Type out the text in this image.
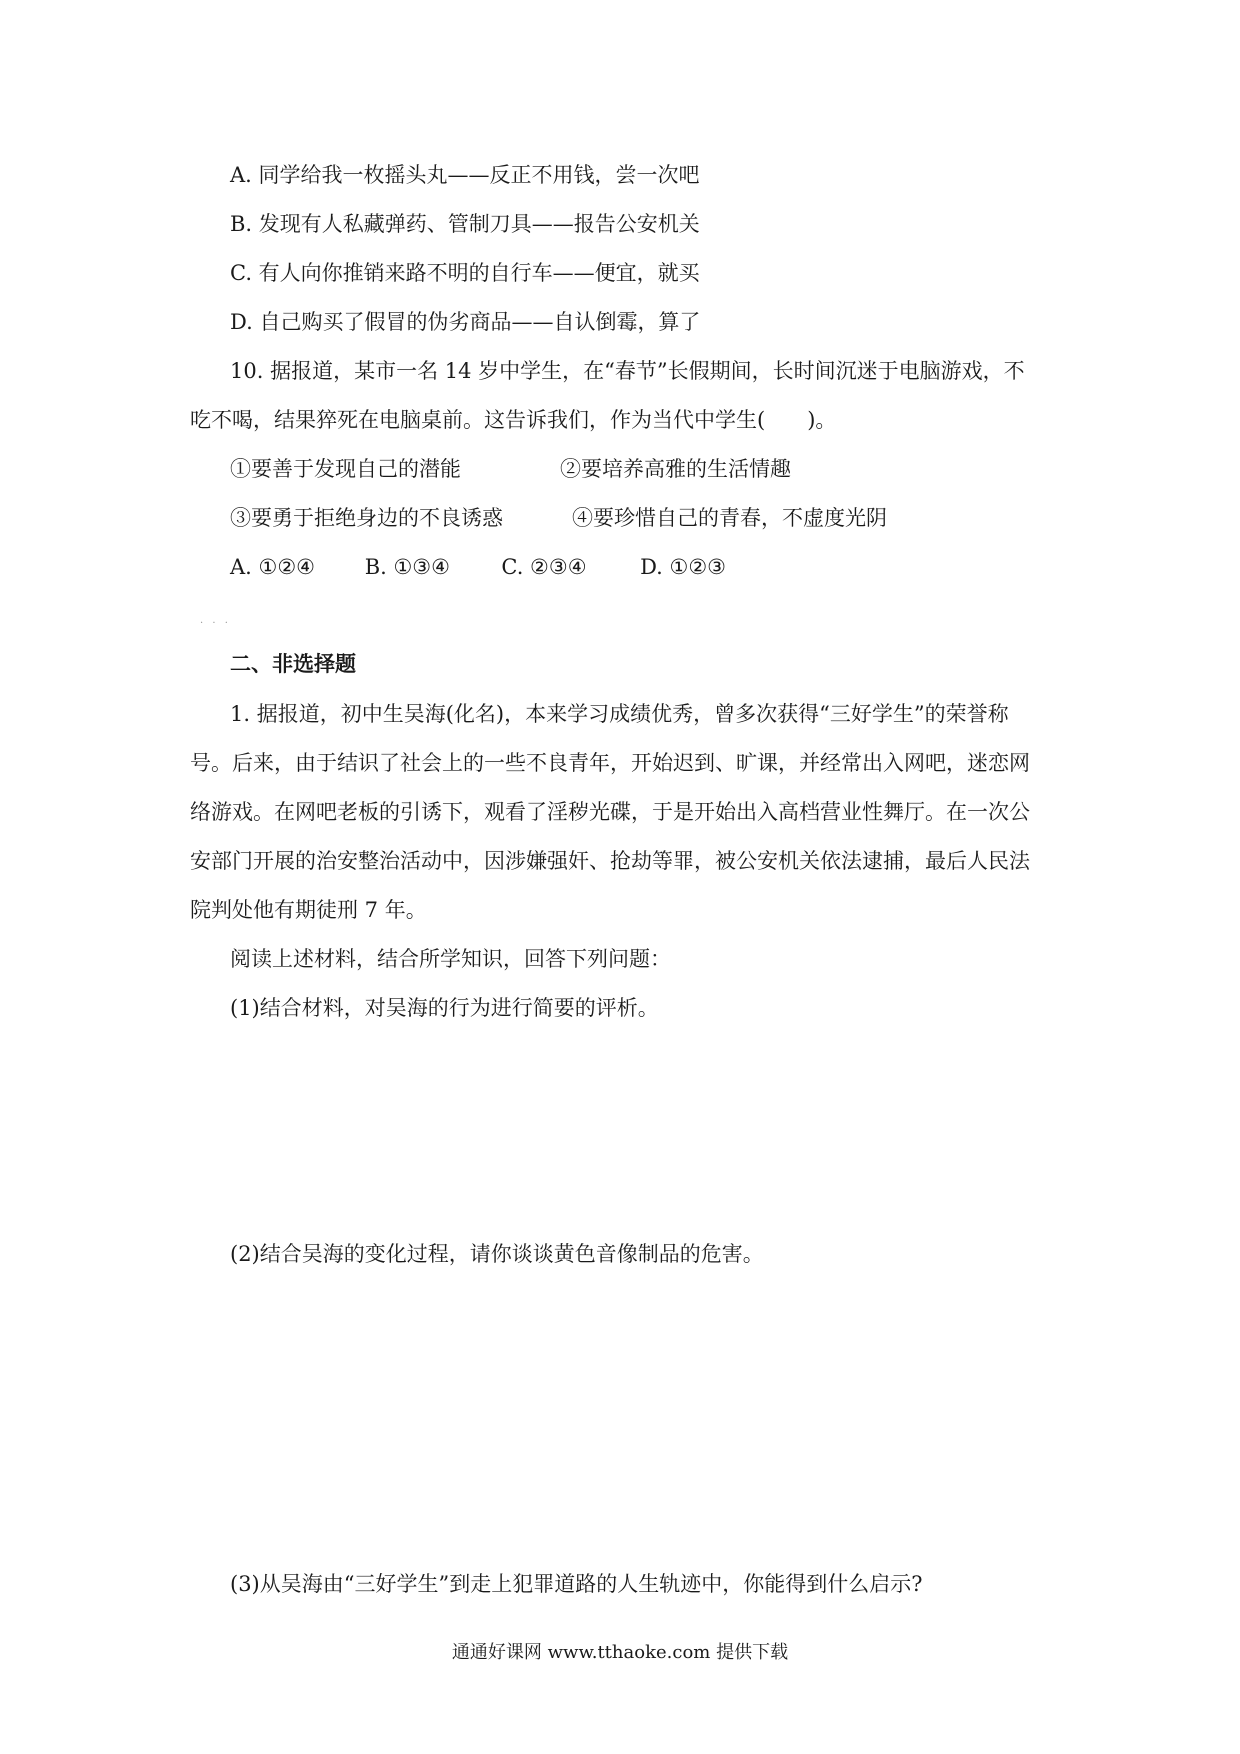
A. 同学给我一枚摇头丸——反正不用钱，尝一次吧
B. 发现有人私藏弹药、管制刀具——报告公安机关
C. 有人向你推销来路不明的自行车——便宜，就买
D. 自己购买了假冒的伪劣商品——自认倒霉，算了
10. 据报道，某市一名 14 岁中学生，在“春节”长假期间，长时间沉迷于电脑游戏，不
吃不喝，结果猝死在电脑桌前。这告诉我们，作为当代中学生(　　)。
①要善于发现自己的潜能	②要培养高雅的生活情趣
③要勇于拒绝身边的不良诱惑	④要珍惜自己的青春，不虚度光阴
A. ①②④ B. ①③④ C. ②③④	D. ①②③
· · ·
二、非选择题
1. 据报道，初中生吴海(化名)，本来学习成绩优秀，曾多次获得“三好学生”的荣誉称
号。后来，由于结识了社会上的一些不良青年，开始迟到、旷课，并经常出入网吧，迷恋网
络游戏。在网吧老板的引诱下，观看了淫秽光碟，于是开始出入高档营业性舞厅。在一次公
安部门开展的治安整治活动中，因涉嫌强奸、抢劫等罪，被公安机关依法逮捕，最后人民法
院判处他有期徒刑 7 年。
阅读上述材料，结合所学知识，回答下列问题：
(1)结合材料，对吴海的行为进行简要的评析。
(2)结合吴海的变化过程，请你谈谈黄色音像制品的危害。
(3)从吴海由“三好学生”到走上犯罪道路的人生轨迹中，你能得到什么启示?
通通好课网 www.tthaoke.com 提供下载
